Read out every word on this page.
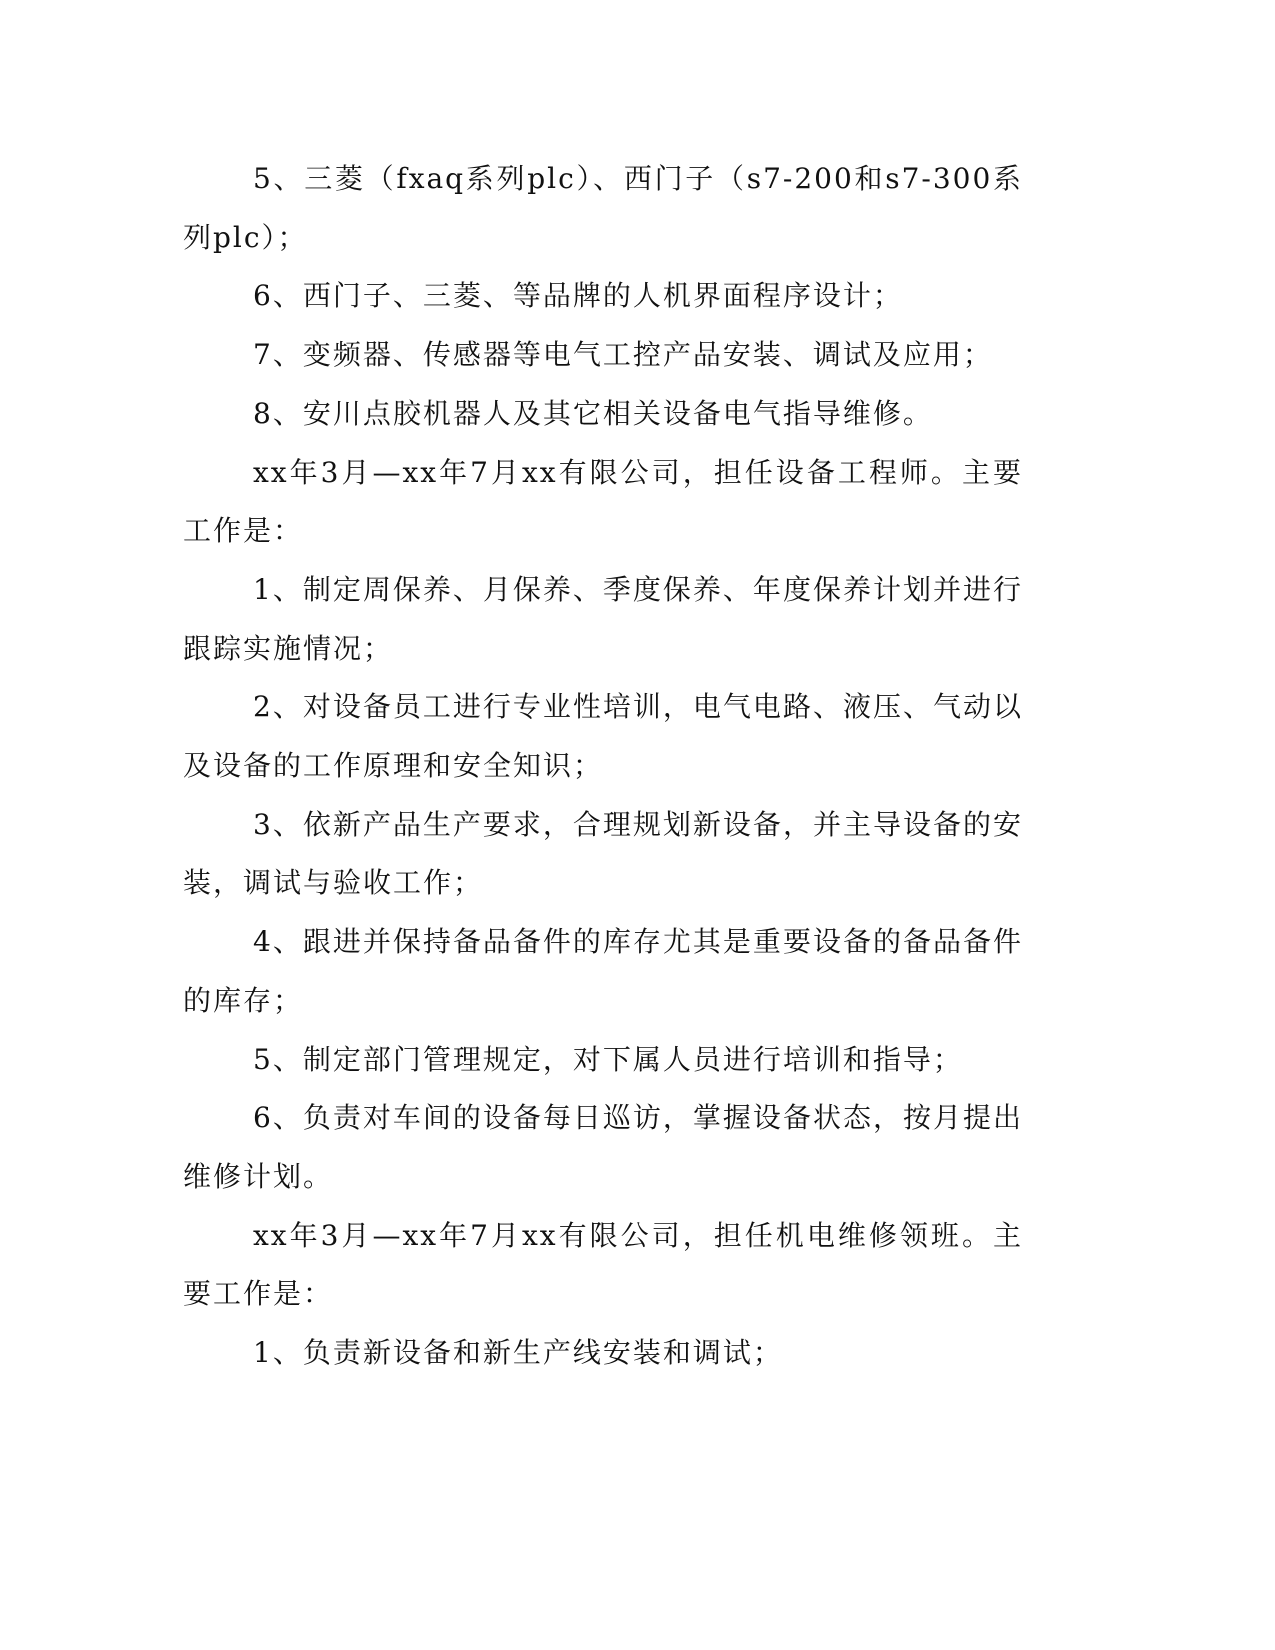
5、三菱（fxaq系列plc）、西门子（s7-200和s7-300系列plc）；

6、西门子、三菱、等品牌的人机界面程序设计；

7、变频器、传感器等电气工控产品安装、调试及应用；

8、安川点胶机器人及其它相关设备电气指导维修。

xx年3月—xx年7月xx有限公司，担任设备工程师。主要工作是：

1、制定周保养、月保养、季度保养、年度保养计划并进行跟踪实施情况；

2、对设备员工进行专业性培训，电气电路、液压、气动以及设备的工作原理和安全知识；

3、依新产品生产要求，合理规划新设备，并主导设备的安装，调试与验收工作；

4、跟进并保持备品备件的库存尤其是重要设备的备品备件的库存；

5、制定部门管理规定，对下属人员进行培训和指导；

6、负责对车间的设备每日巡访，掌握设备状态，按月提出维修计划。

xx年3月—xx年7月xx有限公司，担任机电维修领班。主要工作是：

1、负责新设备和新生产线安装和调试；
